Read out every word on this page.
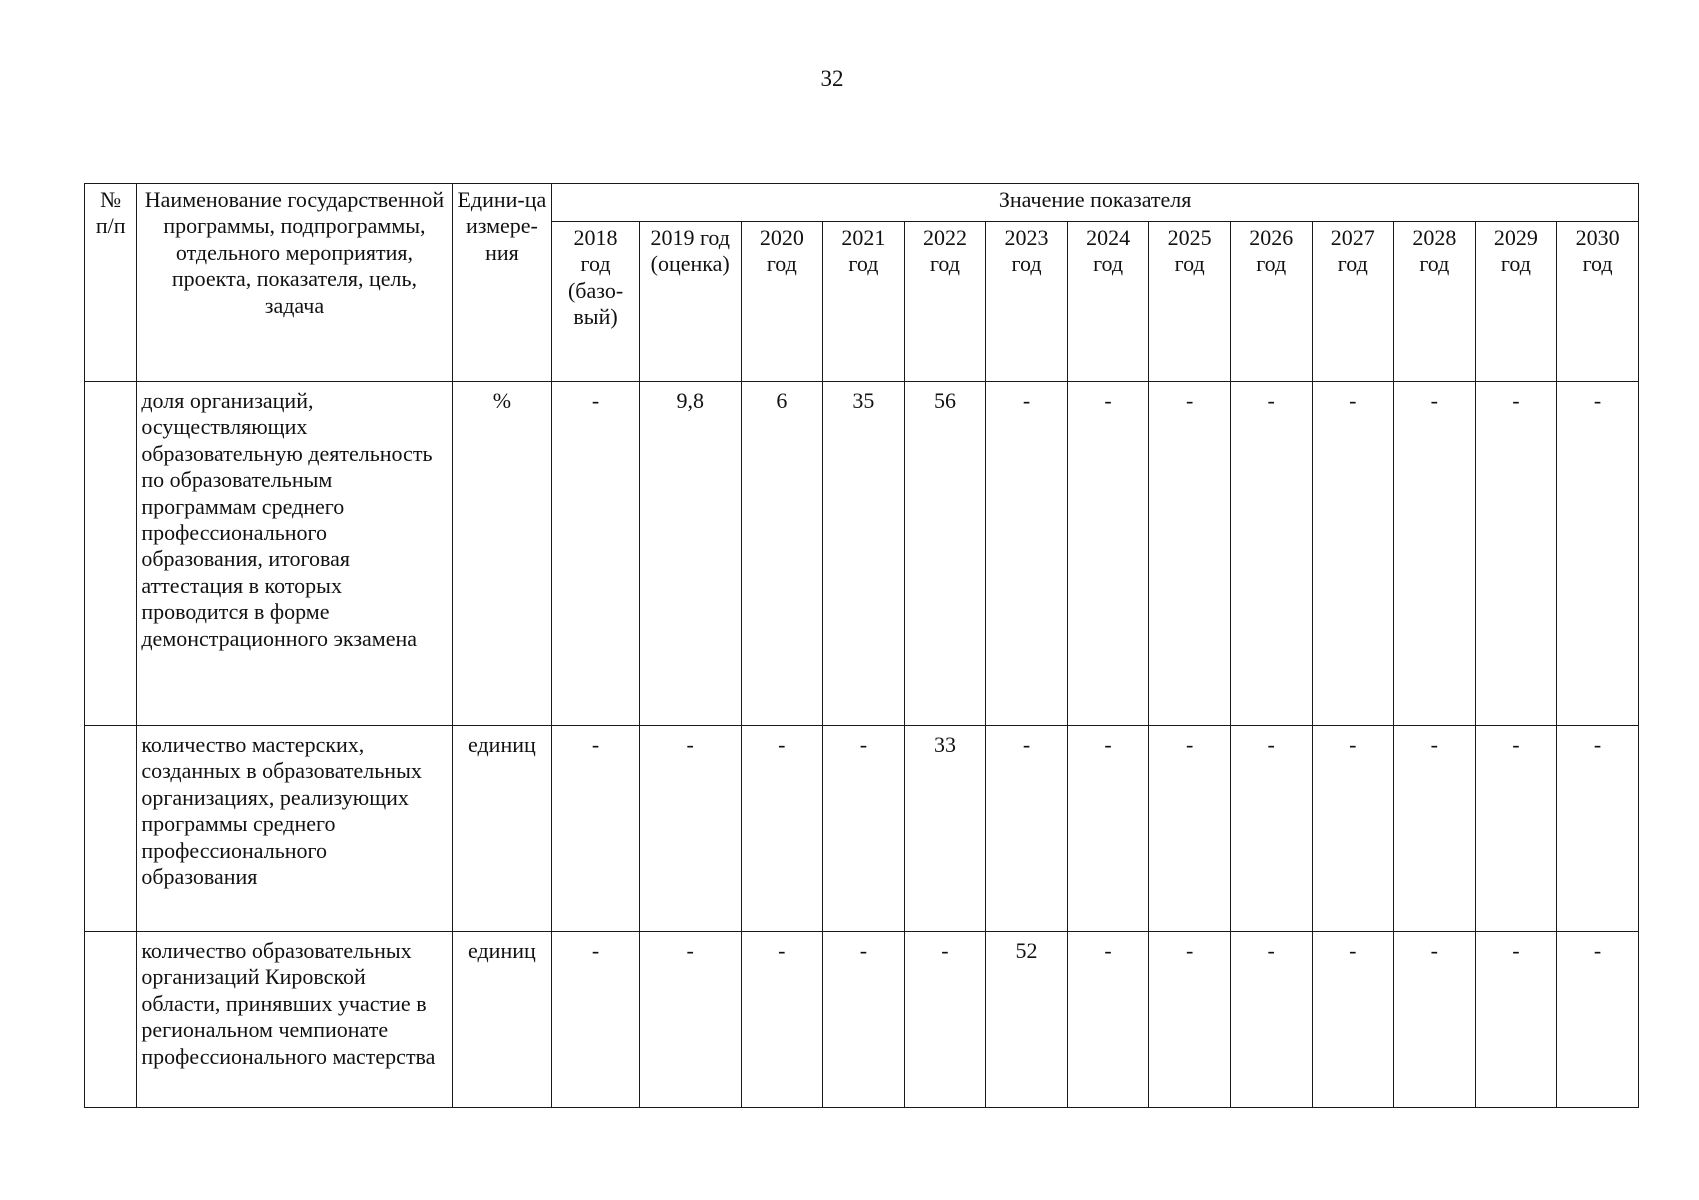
32
№ п/п	Наименование государственной программы, подпрограммы, отдельного мероприятия, проекта, показателя, цель, задача	Едини-ца измере-ния	Значение показателя												
			2018 год (базо-вый)	2019 год (оценка)	2020 год	2021 год	2022 год	2023 год	2024 год	2025 год	2026 год	2027 год	2028 год	2029 год	2030 год
	доля организаций, осуществляющих образовательную деятельность по образовательным программам среднего профессионального образования, итоговая аттестация в которых проводится в форме демонстрационного экзамена	%	-	9,8	6	35	56	-	-	-	-	-	-	-	-
	количество мастерских, созданных в образовательных организациях, реализующих программы среднего профессионального образования	единиц	-	-	-	-	33	-	-	-	-	-	-	-	-
	количество образовательных организаций Кировской области, принявших участие в региональном чемпионате профессионального мастерства	единиц	-	-	-	-	-	52	-	-	-	-	-	-	-
